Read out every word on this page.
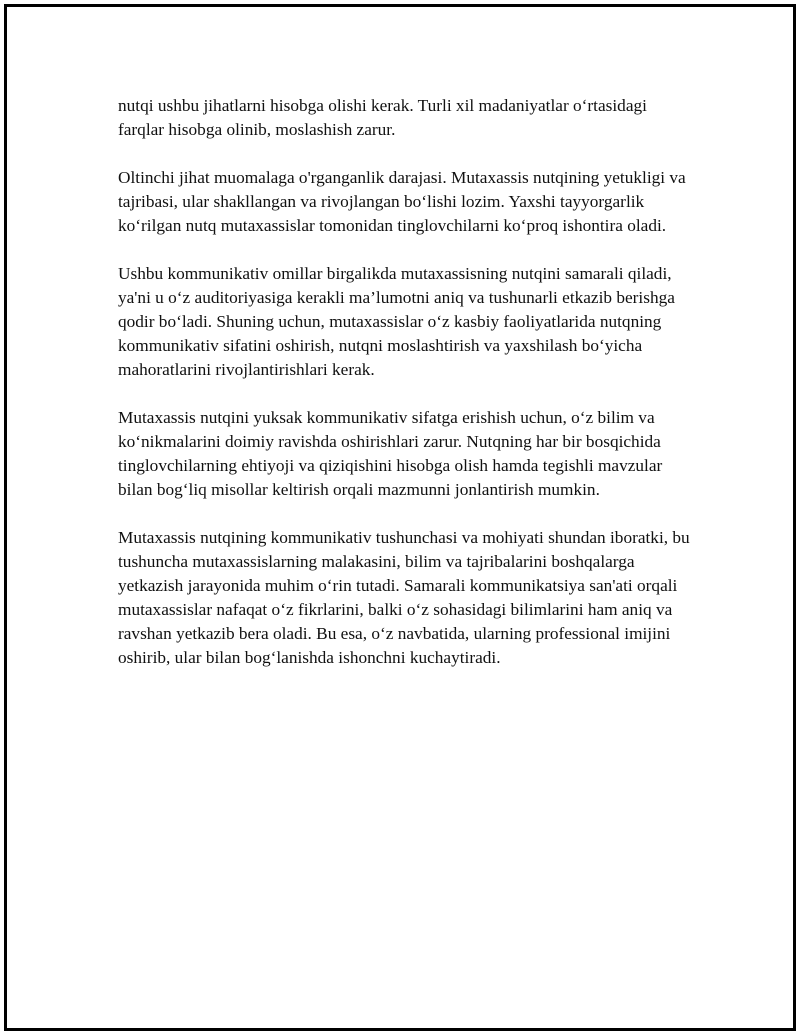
nutqi ushbu jihatlarni hisobga olishi kerak. Turli xil madaniyatlar o‘rtasidagi farqlar hisobga olinib, moslashish zarur.

Oltinchi jihat muomalaga o'rganganlik darajasi. Mutaxassis nutqining yetukligi va tajribasi, ular shakllangan va rivojlangan bo‘lishi lozim. Yaxshi tayyorgarlik ko‘rilgan nutq mutaxassislar tomonidan tinglovchilarni ko‘proq ishontira oladi.

Ushbu kommunikativ omillar birgalikda mutaxassisning nutqini samarali qiladi, ya'ni u o‘z auditoriyasiga kerakli ma’lumotni aniq va tushunarli etkazib berishga qodir bo‘ladi. Shuning uchun, mutaxassislar o‘z kasbiy faoliyatlarida nutqning kommunikativ sifatini oshirish, nutqni moslashtirish va yaxshilash bo‘yicha mahoratlarini rivojlantirishlari kerak.

Mutaxassis nutqini yuksak kommunikativ sifatga erishish uchun, o‘z bilim va ko‘nikmalarini doimiy ravishda oshirishlari zarur. Nutqning har bir bosqichida tinglovchilarning ehtiyoji va qiziqishini hisobga olish hamda tegishli mavzular bilan bog‘liq misollar keltirish orqali mazmunni jonlantirish mumkin.

Mutaxassis nutqining kommunikativ tushunchasi va mohiyati shundan iboratki, bu tushuncha mutaxassislarning malakasini, bilim va tajribalarini boshqalarga yetkazish jarayonida muhim o‘rin tutadi. Samarali kommunikatsiya san'ati orqali mutaxassislar nafaqat o‘z fikrlarini, balki o‘z sohasidagi bilimlarini ham aniq va ravshan yetkazib bera oladi. Bu esa, o‘z navbatida, ularning professional imijini oshirib, ular bilan bog‘lanishda ishonchni kuchaytiradi.
